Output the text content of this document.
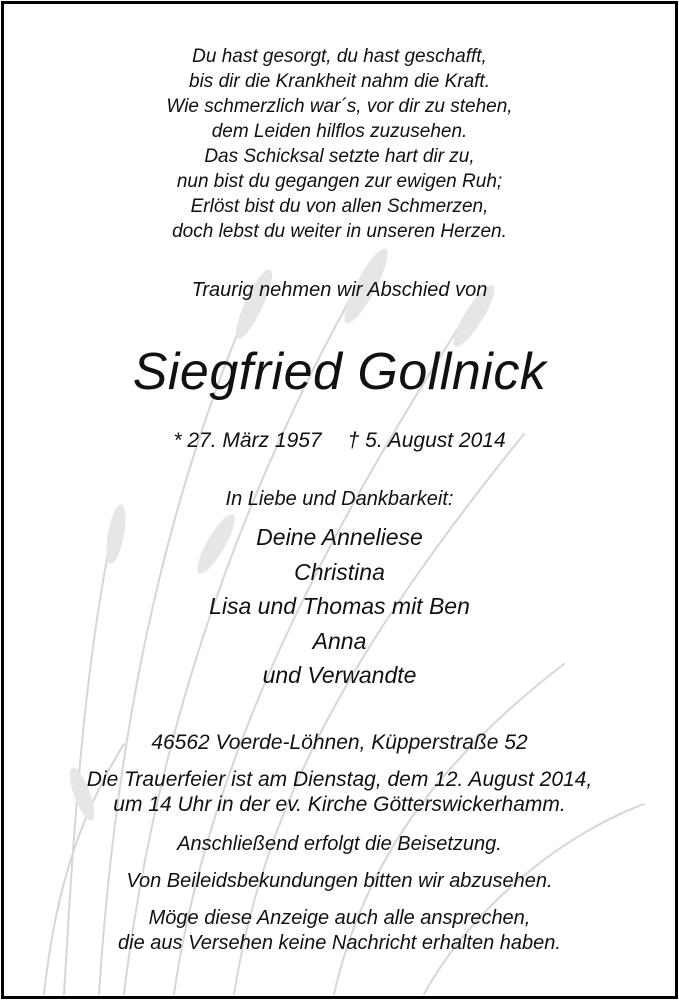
Du hast gesorgt, du hast geschafft,
bis dir die Krankheit nahm die Kraft.
Wie schmerzlich war´s, vor dir zu stehen,
dem Leiden hilflos zuzusehen.
Das Schicksal setzte hart dir zu,
nun bist du gegangen zur ewigen Ruh;
Erlöst bist du von allen Schmerzen,
doch lebst du weiter in unseren Herzen.
Traurig nehmen wir Abschied von
Siegfried Gollnick
* 27. März 1957 † 5. August 2014
In Liebe und Dankbarkeit:
Deine Anneliese
Christina
Lisa und Thomas mit Ben
Anna
und Verwandte
46562 Voerde-Löhnen, Küpperstraße 52
Die Trauerfeier ist am Dienstag, dem 12. August 2014,
um 14 Uhr in der ev. Kirche Götterswickerhamm.
Anschließend erfolgt die Beisetzung.
Von Beileidsbekundungen bitten wir abzusehen.
Möge diese Anzeige auch alle ansprechen,
die aus Versehen keine Nachricht erhalten haben.
